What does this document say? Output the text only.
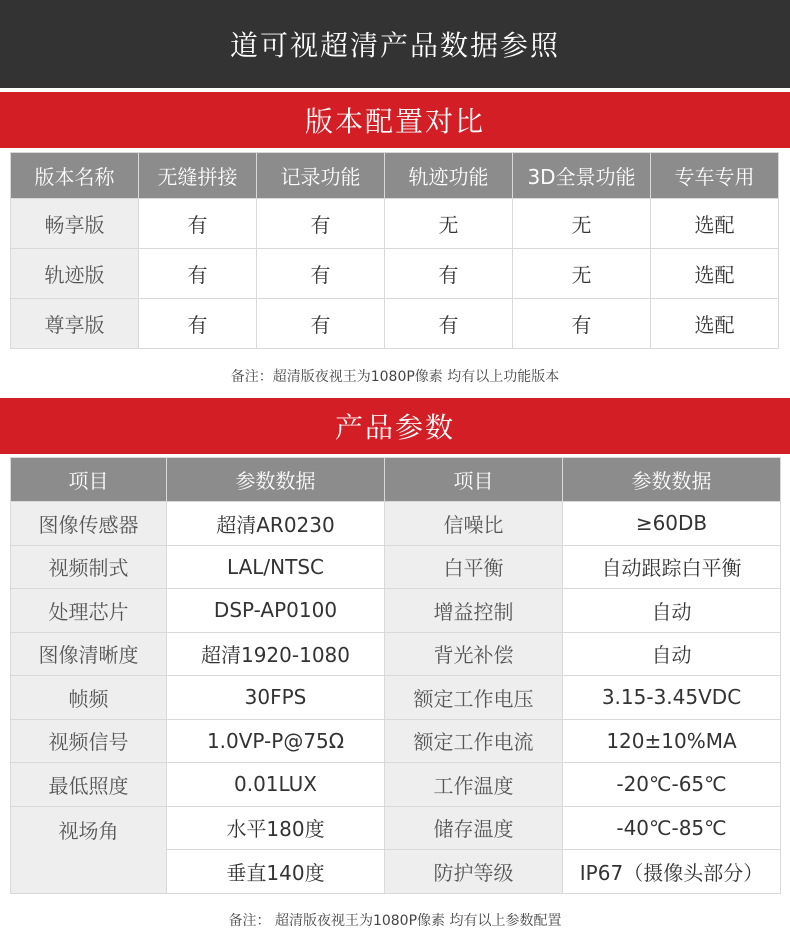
道可视超清产品数据参照
版本配置对比
版本名称	无缝拼接	记录功能	轨迹功能	3D全景功能	专车专用
畅享版	有	有	无	无	选配
轨迹版	有	有	有	无	选配
尊享版	有	有	有	有	选配
备注：超清版夜视王为1080P像素 均有以上功能版本
产品参数
项目	参数数据	项目	参数数据
图像传感器	超清AR0230	信噪比	≥60DB
视频制式	LAL/NTSC	白平衡	自动跟踪白平衡
处理芯片	DSP-AP0100	增益控制	自动
图像清晰度	超清1920-1080	背光补偿	自动
帧频	30FPS	额定工作电压	3.15-3.45VDC
视频信号	1.0VP-P@75Ω	额定工作电流	120±10%MA
最低照度	0.01LUX	工作温度	-20℃-65℃
视场角	水平180度	储存温度	-40℃-85℃
	垂直140度	防护等级	IP67（摄像头部分）
备注： 超清版夜视王为1080P像素 均有以上参数配置
